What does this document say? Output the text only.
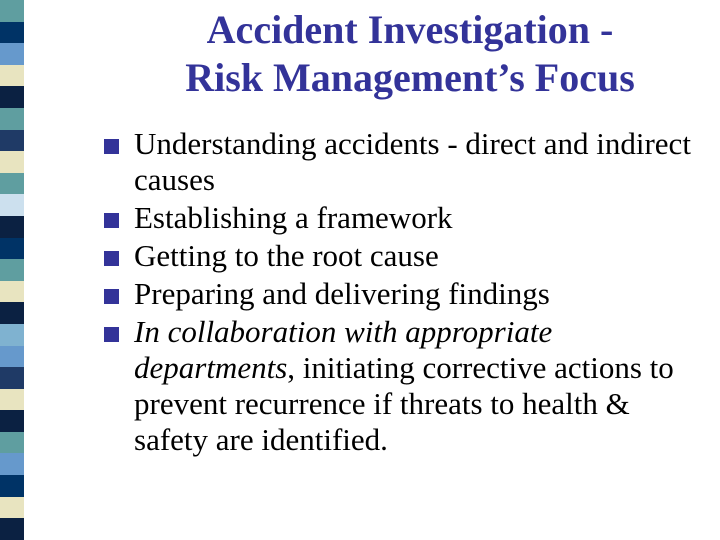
Accident Investigation -
Risk Management’s Focus
Understanding accidents - direct and indirect causes
Establishing a framework
Getting to the root cause
Preparing and delivering findings
In collaboration with appropriate departments, initiating corrective actions to prevent recurrence if threats to health & safety are identified.
